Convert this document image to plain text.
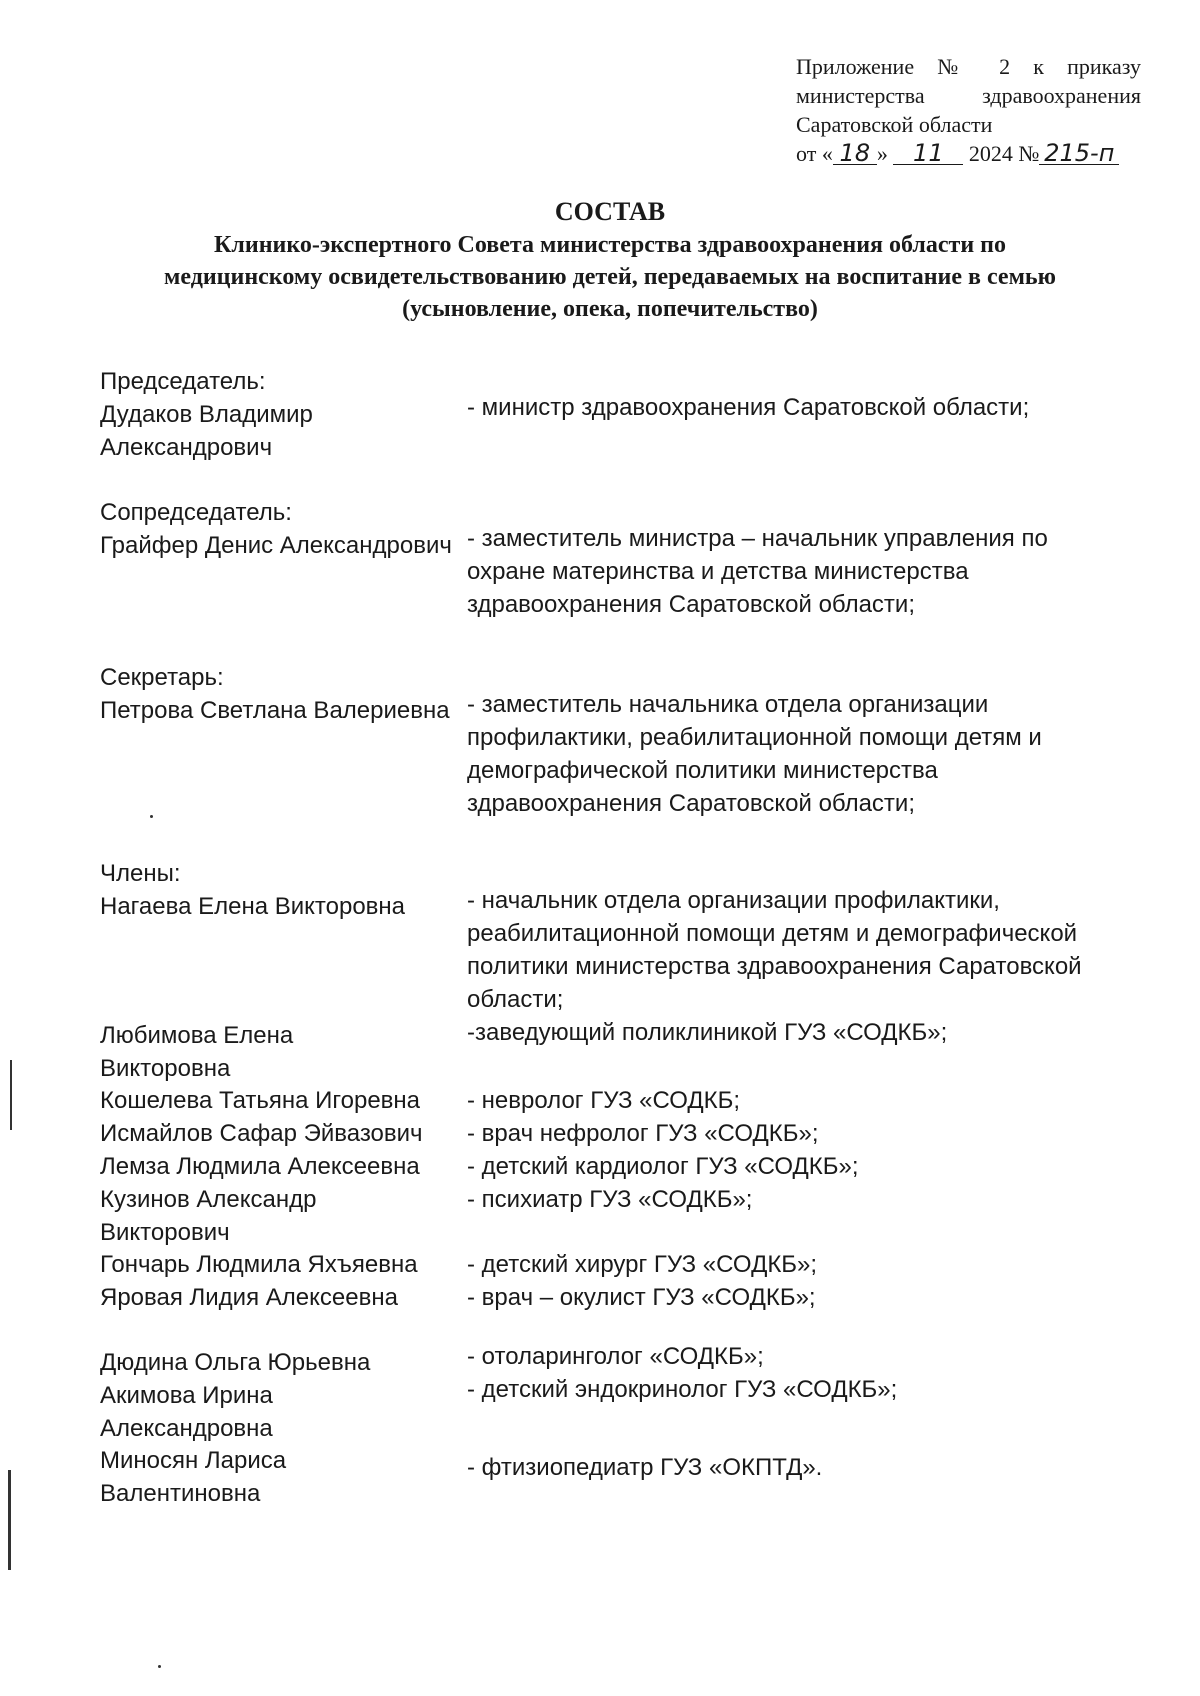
Приложение № 2 к приказу
министерства здравоохранения
Саратовской области
от « 18 » 11 2024 № 215-п
СОСТАВ
Клинико-экспертного Совета министерства здравоохранения области по медицинскому освидетельствованию детей, передаваемых на воспитание в семью (усыновление, опека, попечительство)
Председатель:
Дудаков Владимир Александрович
- министр здравоохранения Саратовской области;
Сопредседатель:
Грайфер Денис Александрович - заместитель министра – начальник управления по охране материнства и детства министерства здравоохранения Саратовской области;
Секретарь:
Петрова Светлана Валериевна - заместитель начальника отдела организации профилактики, реабилитационной помощи детям и демографической политики министерства здравоохранения Саратовской области;
Члены:
Нагаева Елена Викторовна	- начальник отдела организации профилактики, реабилитационной помощи детям и демографической политики министерства здравоохранения Саратовской области;
Любимова Елена Викторовна
-заведующий поликлиникой ГУЗ «СОДКБ»;
Кошелева Татьяна Игоревна	- невролог ГУЗ «СОДКБ;
Исмайлов Сафар Эйвазович	- врач нефролог ГУЗ «СОДКБ»;
Лемза Людмила Алексеевна	- детский кардиолог ГУЗ «СОДКБ»;
Кузинов Александр Викторович
- психиатр ГУЗ «СОДКБ»;
Гончарь Людмила Яхъяевна	- детский хирург ГУЗ «СОДКБ»;
Яровая Лидия Алексеевна	- врач – окулист ГУЗ «СОДКБ»;
Дюдина Ольга Юрьевна	- отоларинголог «СОДКБ»;
Акимова Ирина Александровна
- детский эндокринолог ГУЗ «СОДКБ»;
Миносян Лариса Валентиновна
- фтизиопедиатр ГУЗ «ОКПТД».
